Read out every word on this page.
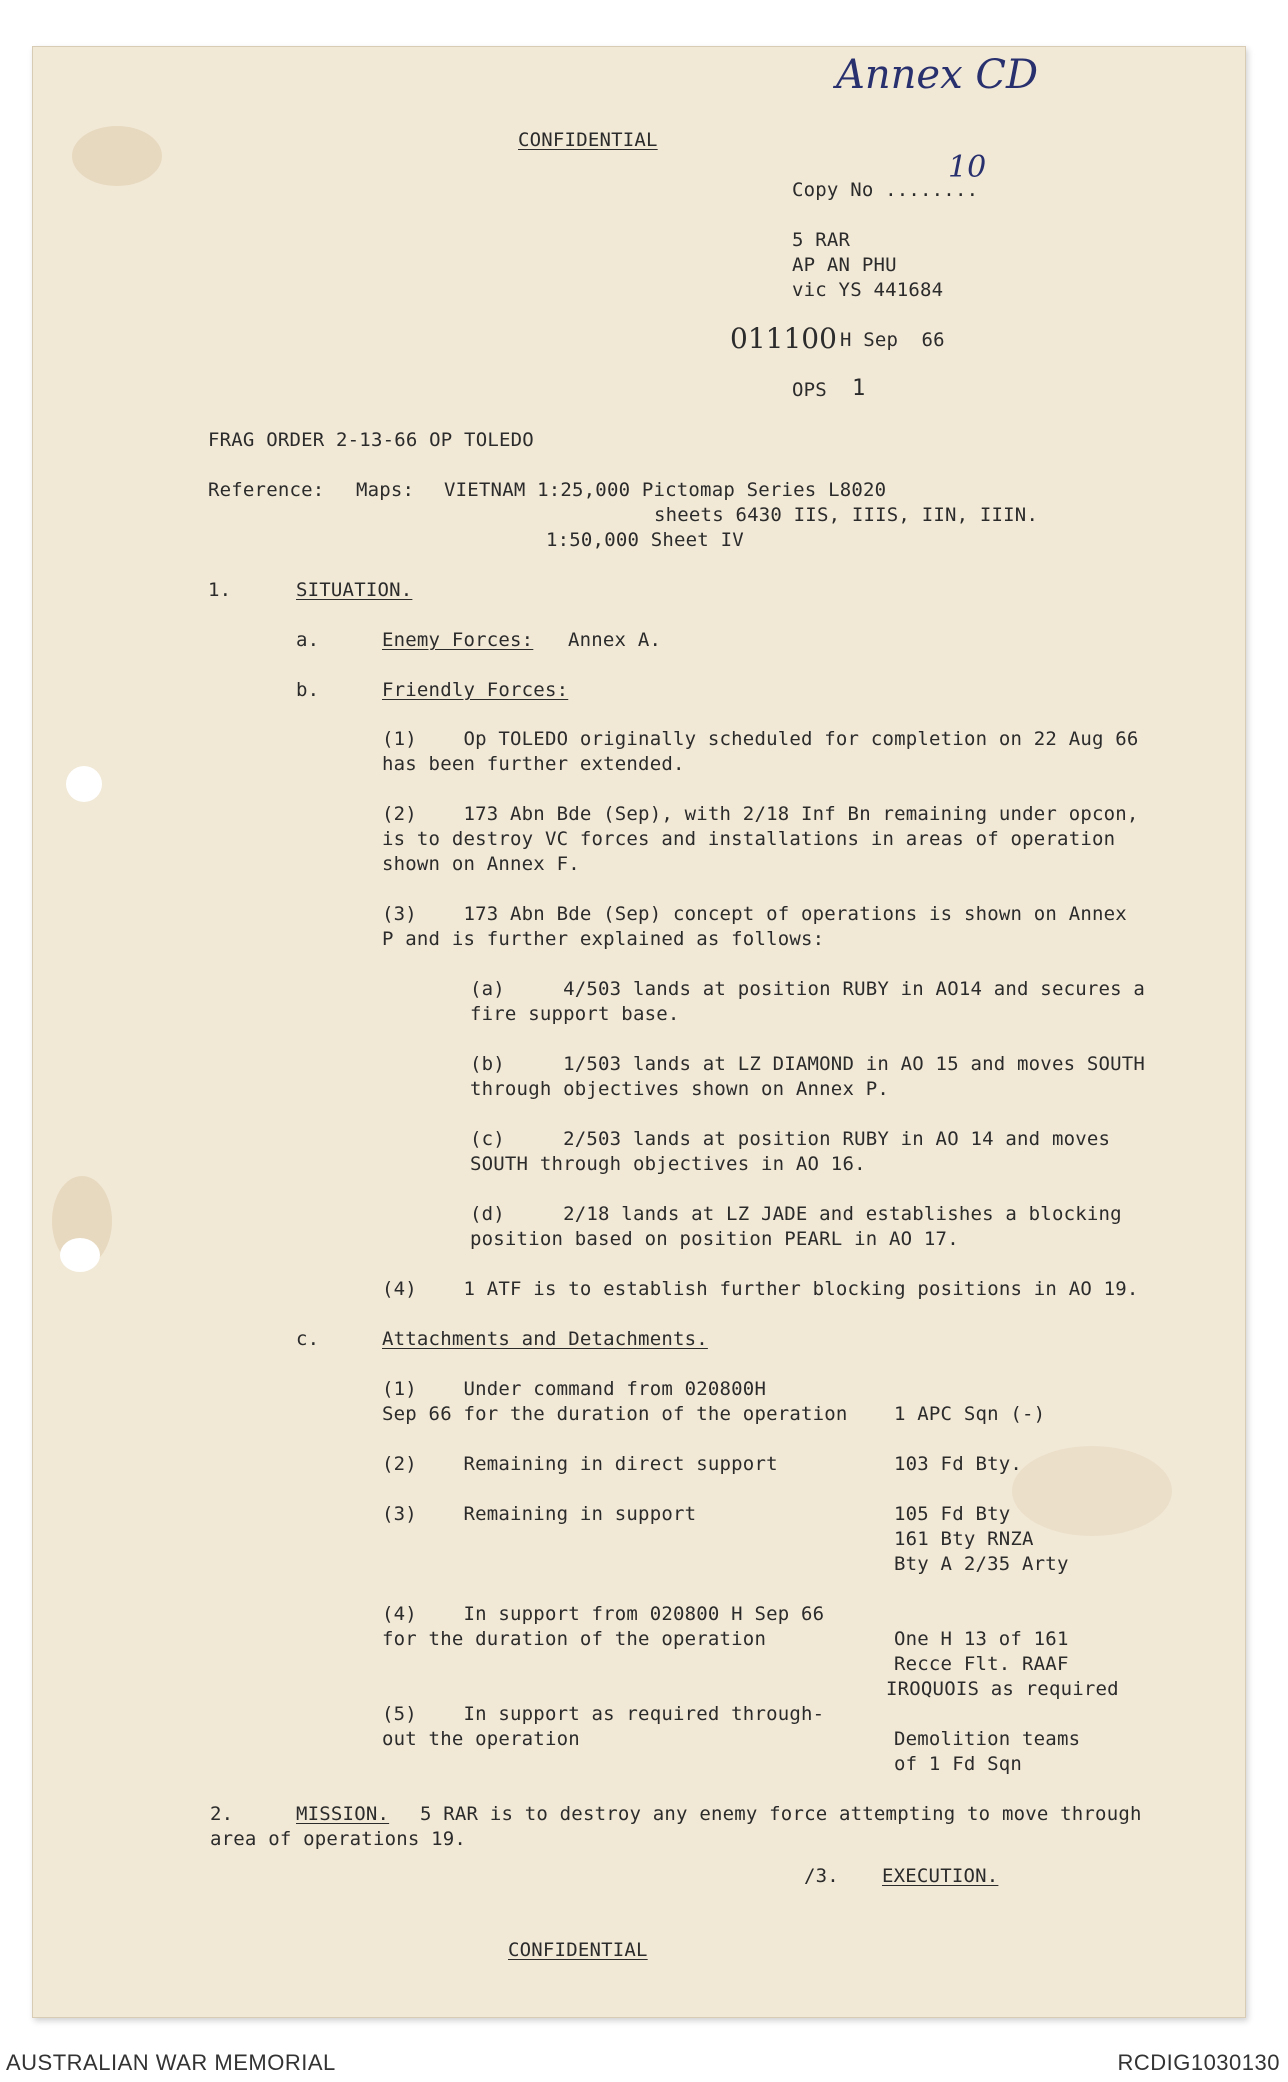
Annex CD
10
011100
CONFIDENTIAL
Copy No ........
5 RAR
AP AN PHU
vic YS 441684
H Sep  66
OPS 1
FRAG ORDER 2-13-66 OP TOLEDO
Reference: Maps: VIETNAM 1:25,000 Pictomap Series L8020
sheets 6430 IIS, IIIS, IIN, IIIN.
1:50,000 Sheet IV
1.	SITUATION.
a.	Enemy Forces: Annex A.
b.	Friendly Forces:
(1)    Op TOLEDO originally scheduled for completion on 22 Aug 66
has been further extended.
(2)    173 Abn Bde (Sep), with 2/18 Inf Bn remaining under opcon,
is to destroy VC forces and installations in areas of operation
shown on Annex F.
(3)    173 Abn Bde (Sep) concept of operations is shown on Annex
P and is further explained as follows:
(a)     4/503 lands at position RUBY in AO14 and secures a
fire support base.
(b)     1/503 lands at LZ DIAMOND in AO 15 and moves SOUTH
through objectives shown on Annex P.
(c)     2/503 lands at position RUBY in AO 14 and moves
SOUTH through objectives in AO 16.
(d)     2/18 lands at LZ JADE and establishes a blocking
position based on position PEARL in AO 17.
(4)    1 ATF is to establish further blocking positions in AO 19.
c.	Attachments and Detachments.
(1)    Under command from 020800H
Sep 66 for the duration of the operation 1 APC Sqn (-)
(2)    Remaining in direct support	103 Fd Bty.
(3)    Remaining in support	105 Fd Bty
161 Bty RNZA
Bty A 2/35 Arty
(4)    In support from 020800 H Sep 66
for the duration of the operation	One H 13 of 161
Recce Flt. RAAF
IROQUOIS as required
(5)    In support as required through-
out the operation	Demolition teams
of 1 Fd Sqn
2.	MISSION. 5 RAR is to destroy any enemy force attempting to move through
area of operations 19.
/3. EXECUTION.
CONFIDENTIAL
AUSTRALIAN WAR MEMORIAL	RCDIG1030130
